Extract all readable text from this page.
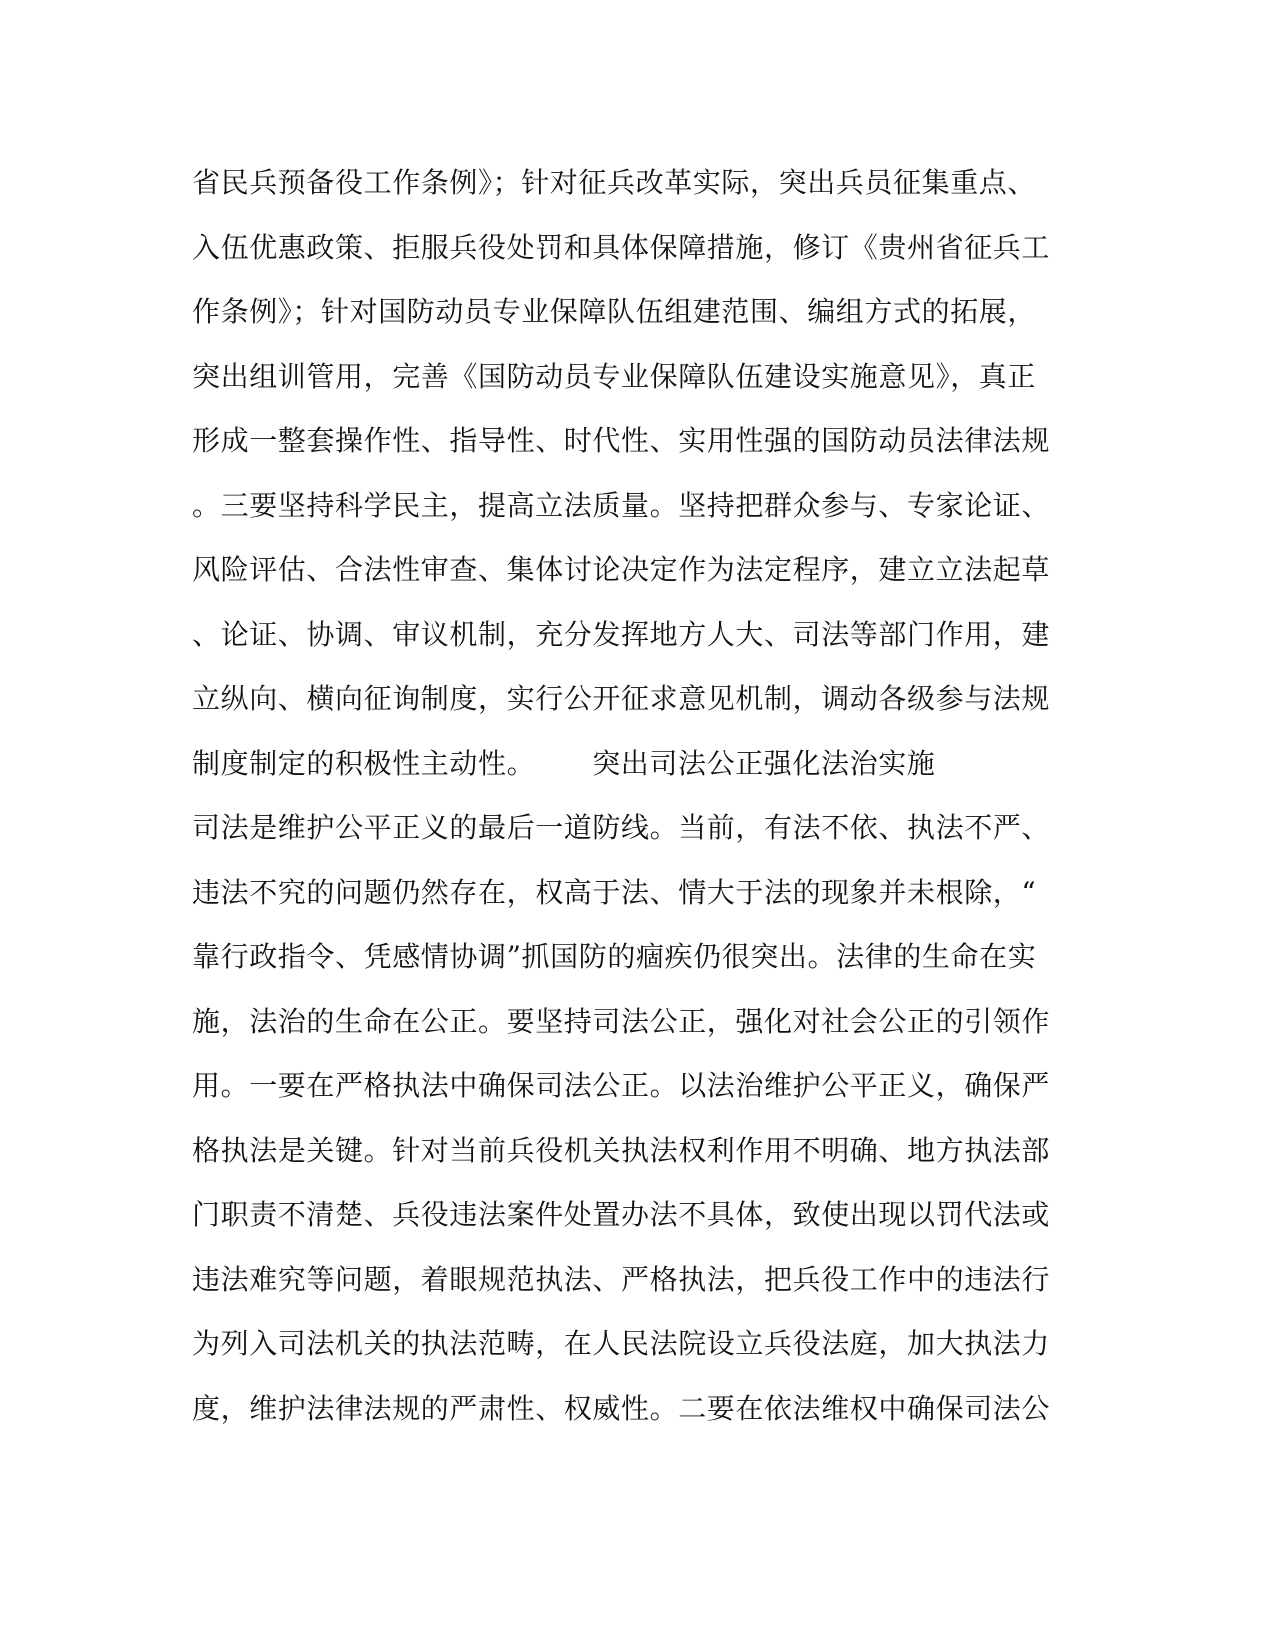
省民兵预备役工作条例》；针对征兵改革实际，突出兵员征集重点、
入伍优惠政策、拒服兵役处罚和具体保障措施，修订《贵州省征兵工
作条例》；针对国防动员专业保障队伍组建范围、编组方式的拓展，
突出组训管用，完善《国防动员专业保障队伍建设实施意见》，真正
形成一整套操作性、指导性、时代性、实用性强的国防动员法律法规
。三要坚持科学民主，提高立法质量。坚持把群众参与、专家论证、
风险评估、合法性审查、集体讨论决定作为法定程序，建立立法起草
、论证、协调、审议机制，充分发挥地方人大、司法等部门作用，建
立纵向、横向征询制度，实行公开征求意见机制，调动各级参与法规
制度制定的积极性主动性。      突出司法公正强化法治实施
司法是维护公平正义的最后一道防线。当前，有法不依、执法不严、
违法不究的问题仍然存在，权高于法、情大于法的现象并未根除，“
靠行政指令、凭感情协调”抓国防的痼疾仍很突出。法律的生命在实
施，法治的生命在公正。要坚持司法公正，强化对社会公正的引领作
用。一要在严格执法中确保司法公正。以法治维护公平正义，确保严
格执法是关键。针对当前兵役机关执法权利作用不明确、地方执法部
门职责不清楚、兵役违法案件处置办法不具体，致使出现以罚代法或
违法难究等问题，着眼规范执法、严格执法，把兵役工作中的违法行
为列入司法机关的执法范畴，在人民法院设立兵役法庭，加大执法力
度，维护法律法规的严肃性、权威性。二要在依法维权中确保司法公
